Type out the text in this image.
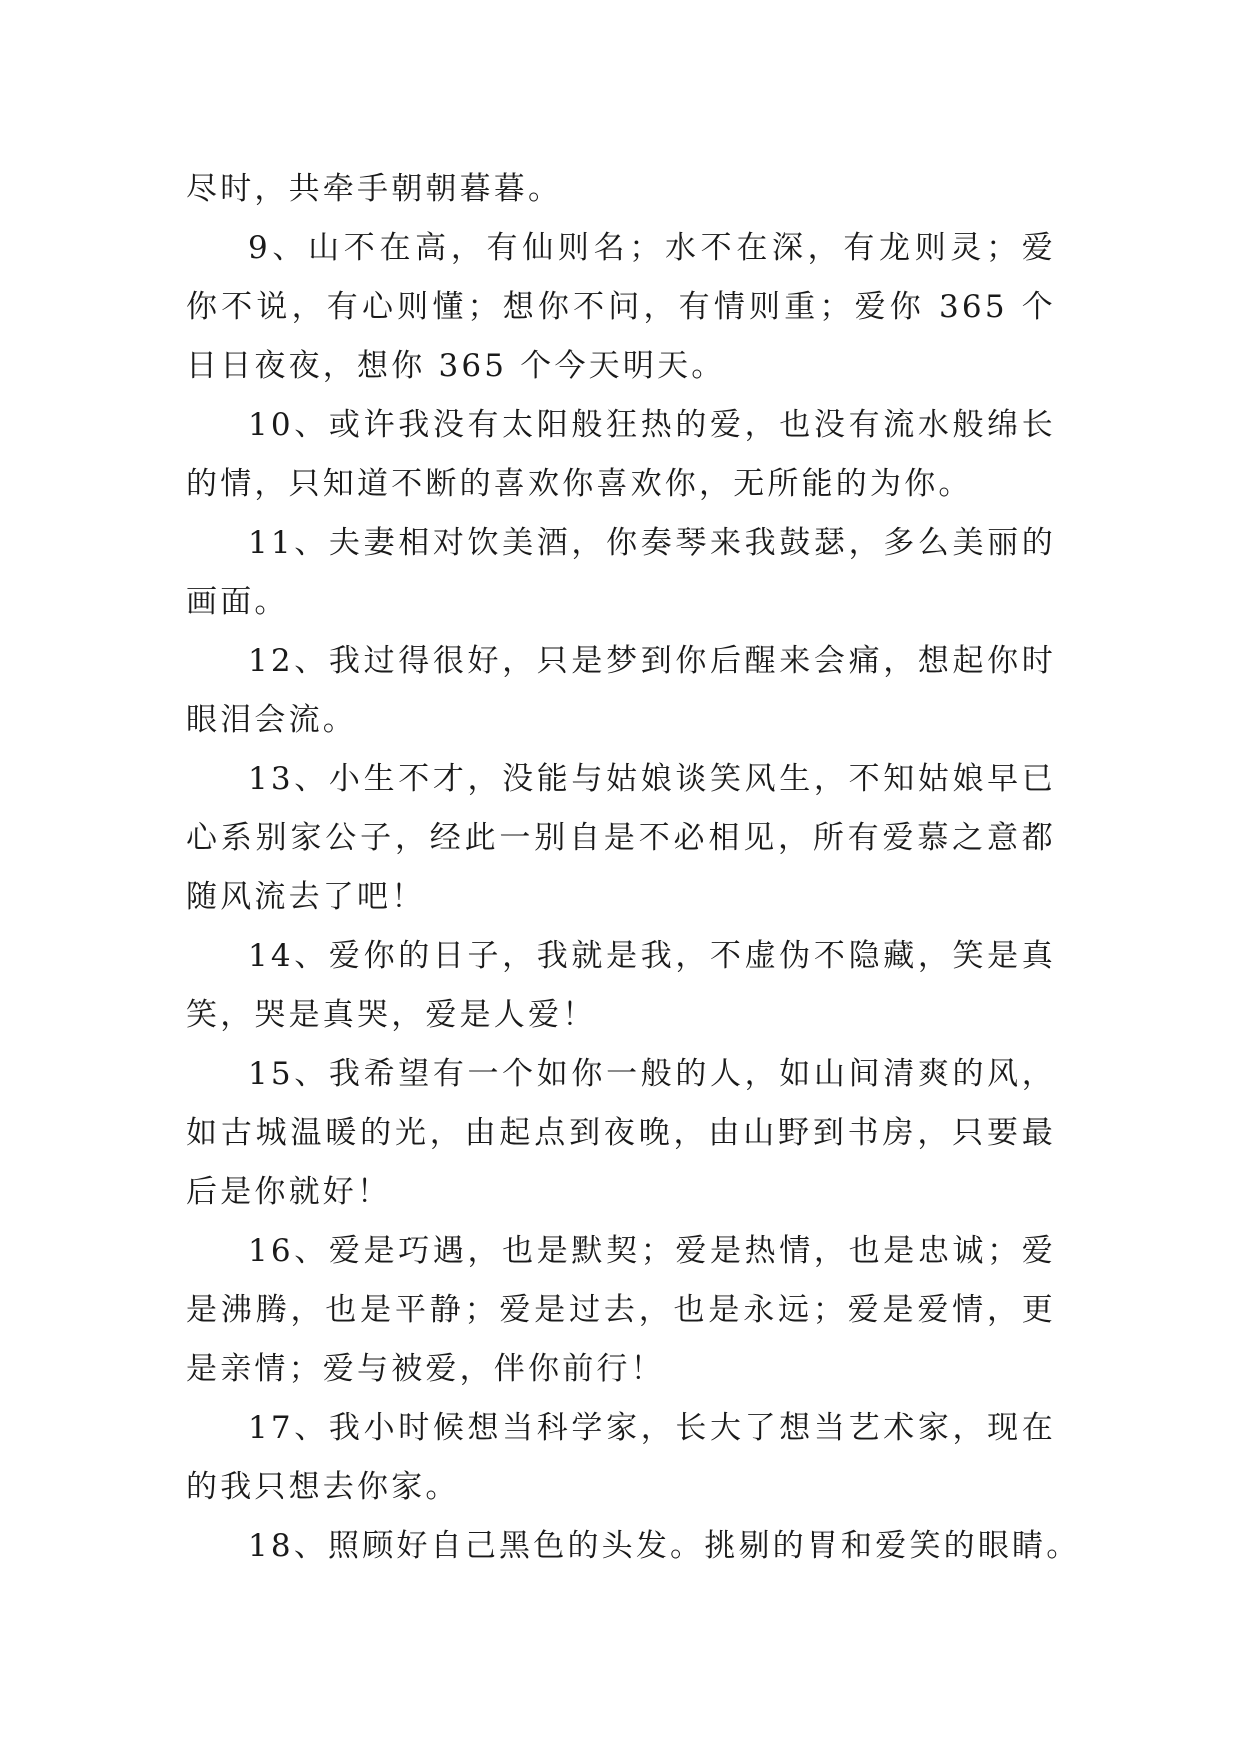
尽时，共牵手朝朝暮暮。

9、山不在高，有仙则名；水不在深，有龙则灵；爱你不说，有心则懂；想你不问，有情则重；爱你 365 个日日夜夜，想你 365 个今天明天。

10、或许我没有太阳般狂热的爱，也没有流水般绵长的情，只知道不断的喜欢你喜欢你，无所能的为你。

11、夫妻相对饮美酒，你奏琴来我鼓瑟，多么美丽的画面。

12、我过得很好，只是梦到你后醒来会痛，想起你时眼泪会流。

13、小生不才，没能与姑娘谈笑风生，不知姑娘早已心系别家公子，经此一别自是不必相见，所有爱慕之意都随风流去了吧！

14、爱你的日子，我就是我，不虚伪不隐藏，笑是真笑，哭是真哭，爱是人爱！

15、我希望有一个如你一般的人，如山间清爽的风，如古城温暖的光，由起点到夜晚，由山野到书房，只要最后是你就好！

16、爱是巧遇，也是默契；爱是热情，也是忠诚；爱是沸腾，也是平静；爱是过去，也是永远；爱是爱情，更是亲情；爱与被爱，伴你前行！

17、我小时候想当科学家，长大了想当艺术家，现在的我只想去你家。

18、照顾好自己黑色的头发。挑剔的胃和爱笑的眼睛。
